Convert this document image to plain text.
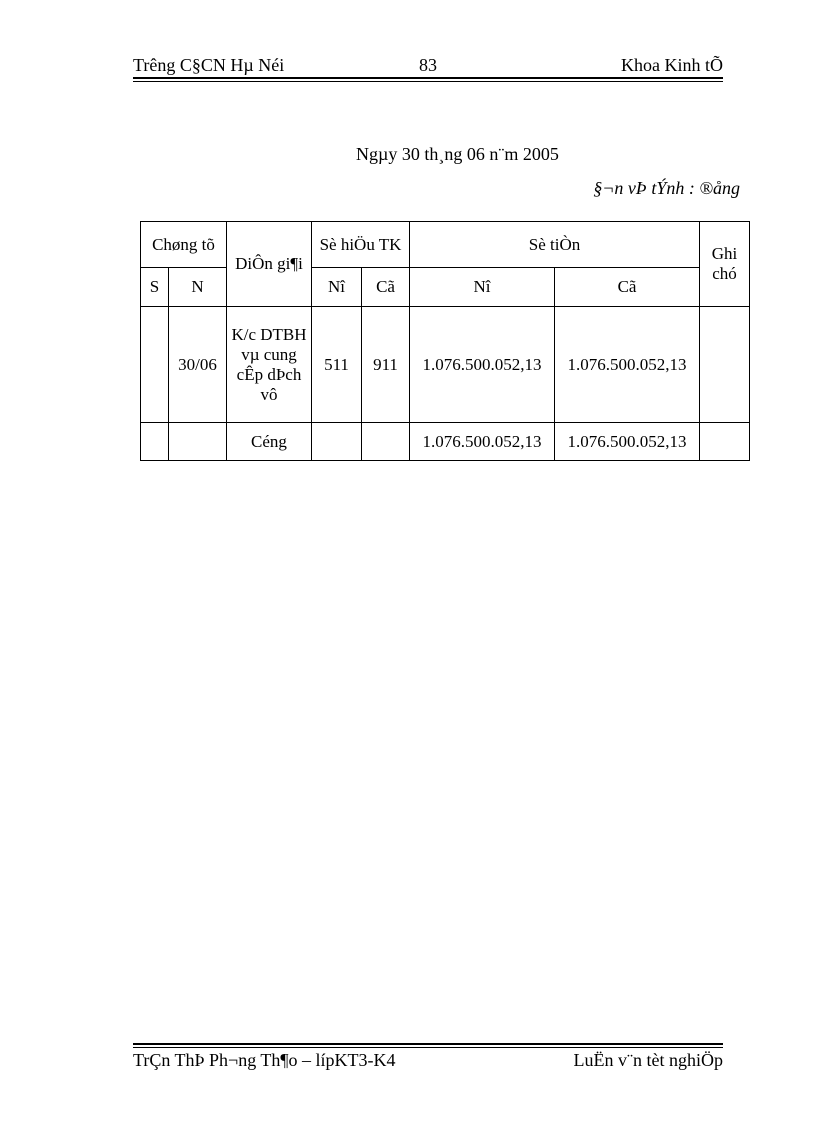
Trêng C§CN Hµ Néi	83	Khoa Kinh tÕ
Ngµy 30 th¸ng 06 n¨m 2005
§¬n vÞ tÝnh : ®ång
Chøng tõ		DiÔn gi¶i	Sè hiÖu TK		Sè tiÒn		Ghi chó
S	N		Nî	Cã	Nî	Cã	
	30/06	K/c DTBH vµ cung cÊp dÞch vô	511	911	1.076.500.052,13	1.076.500.052,13	
		Céng			1.076.500.052,13	1.076.500.052,13	
TrÇn ThÞ Ph¬ng Th¶o – lípKT3-K4	LuËn v¨n tèt nghiÖp
